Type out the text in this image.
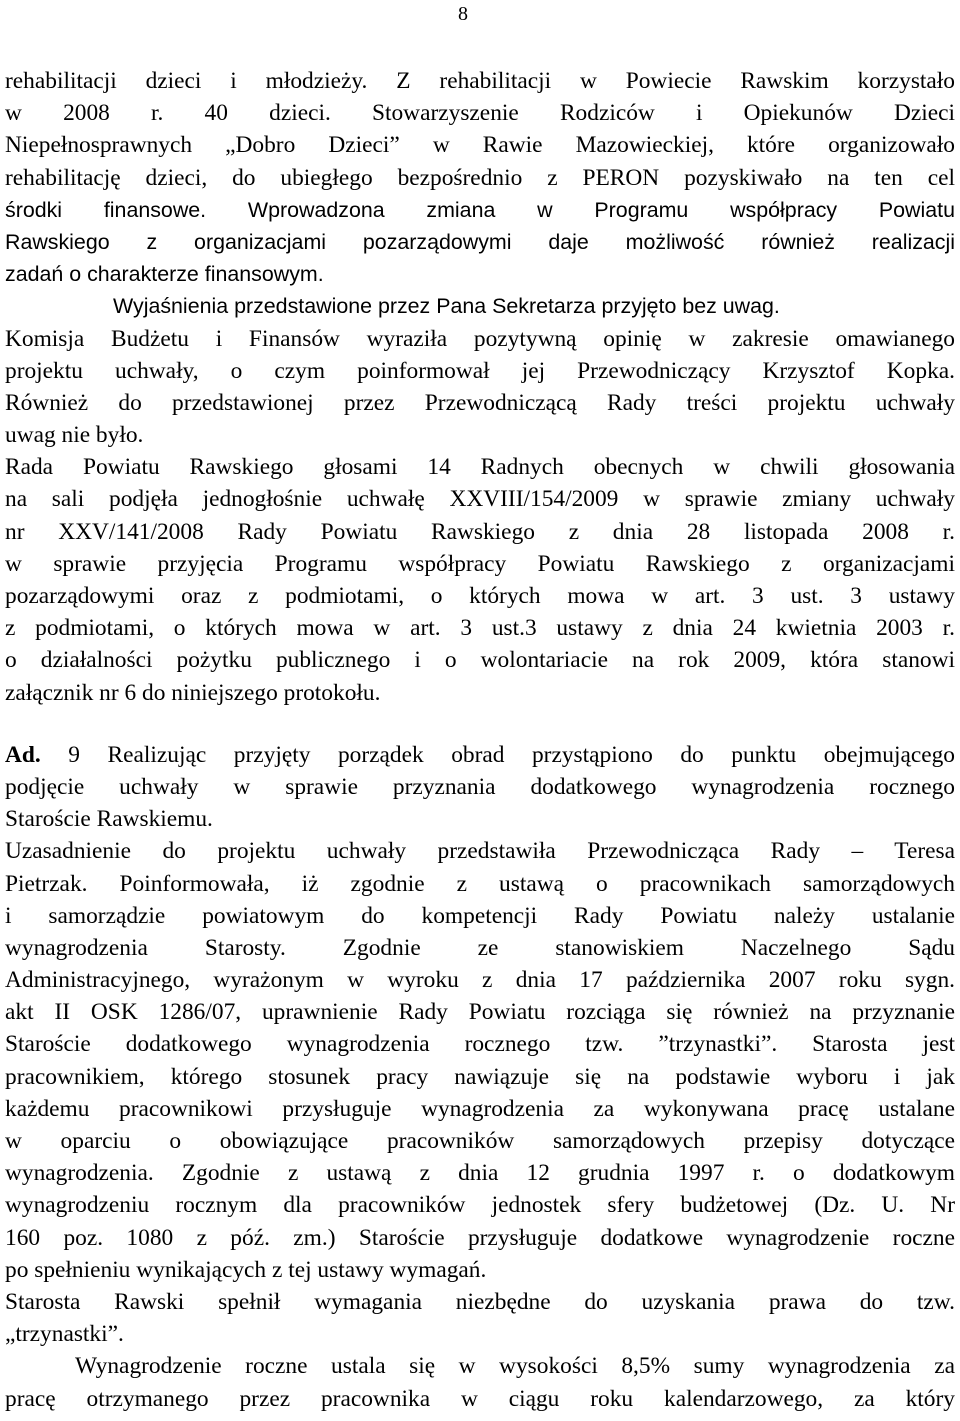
8
rehabilitacji dzieci i młodzieży. Z rehabilitacji w Powiecie Rawskim korzystało
w 2008 r. 40 dzieci. Stowarzyszenie Rodziców i Opiekunów Dzieci
Niepełnosprawnych „Dobro Dzieci” w Rawie Mazowieckiej, które organizowało
rehabilitację dzieci, do ubiegłego bezpośrednio z PERON pozyskiwało na ten cel
środki finansowe. Wprowadzona zmiana w Programu współpracy Powiatu
Rawskiego z organizacjami pozarządowymi daje możliwość również realizacji
zadań o charakterze finansowym.
Wyjaśnienia przedstawione przez Pana Sekretarza przyjęto bez uwag.
Komisja Budżetu i Finansów wyraziła pozytywną opinię w zakresie omawianego
projektu uchwały, o czym poinformował jej Przewodniczący Krzysztof Kopka.
Również do przedstawionej przez Przewodniczącą Rady treści projektu uchwały
uwag nie było.
Rada Powiatu Rawskiego głosami 14 Radnych obecnych w chwili głosowania
na sali podjęła jednogłośnie uchwałę XXVIII/154/2009 w sprawie zmiany uchwały
nr XXV/141/2008 Rady Powiatu Rawskiego z dnia 28 listopada 2008 r.
w sprawie przyjęcia Programu współpracy Powiatu Rawskiego z organizacjami
pozarządowymi oraz z podmiotami, o których mowa w art. 3 ust. 3 ustawy
z podmiotami, o których mowa w art. 3 ust.3 ustawy z dnia 24 kwietnia 2003 r.
o działalności pożytku publicznego i o wolontariacie na rok 2009, która stanowi
załącznik nr 6 do niniejszego protokołu.
Ad. 9 Realizując przyjęty porządek obrad przystąpiono do punktu obejmującego
podjęcie uchwały w sprawie przyznania dodatkowego wynagrodzenia rocznego
Staroście Rawskiemu.
Uzasadnienie do projektu uchwały przedstawiła Przewodnicząca Rady – Teresa
Pietrzak. Poinformowała, iż zgodnie z ustawą o pracownikach samorządowych
i samorządzie powiatowym do kompetencji Rady Powiatu należy ustalanie
wynagrodzenia Starosty. Zgodnie ze stanowiskiem Naczelnego Sądu
Administracyjnego, wyrażonym w wyroku z dnia 17 października 2007 roku sygn.
akt II OSK 1286/07, uprawnienie Rady Powiatu rozciąga się również na przyznanie
Staroście dodatkowego wynagrodzenia rocznego tzw. ”trzynastki”. Starosta jest
pracownikiem, którego stosunek pracy nawiązuje się na podstawie wyboru i jak
każdemu pracownikowi przysługuje wynagrodzenia za wykonywana pracę ustalane
w oparciu o obowiązujące pracowników samorządowych przepisy dotyczące
wynagrodzenia. Zgodnie z ustawą z dnia 12 grudnia 1997 r. o dodatkowym
wynagrodzeniu rocznym dla pracowników jednostek sfery budżetowej (Dz. U. Nr
160 poz. 1080 z póź. zm.) Staroście przysługuje dodatkowe wynagrodzenie roczne
po spełnieniu wynikających z tej ustawy wymagań.
Starosta Rawski spełnił wymagania niezbędne do uzyskania prawa do tzw.
„trzynastki”.
Wynagrodzenie roczne ustala się w wysokości 8,5% sumy wynagrodzenia za
pracę otrzymanego przez pracownika w ciągu roku kalendarzowego, za który
